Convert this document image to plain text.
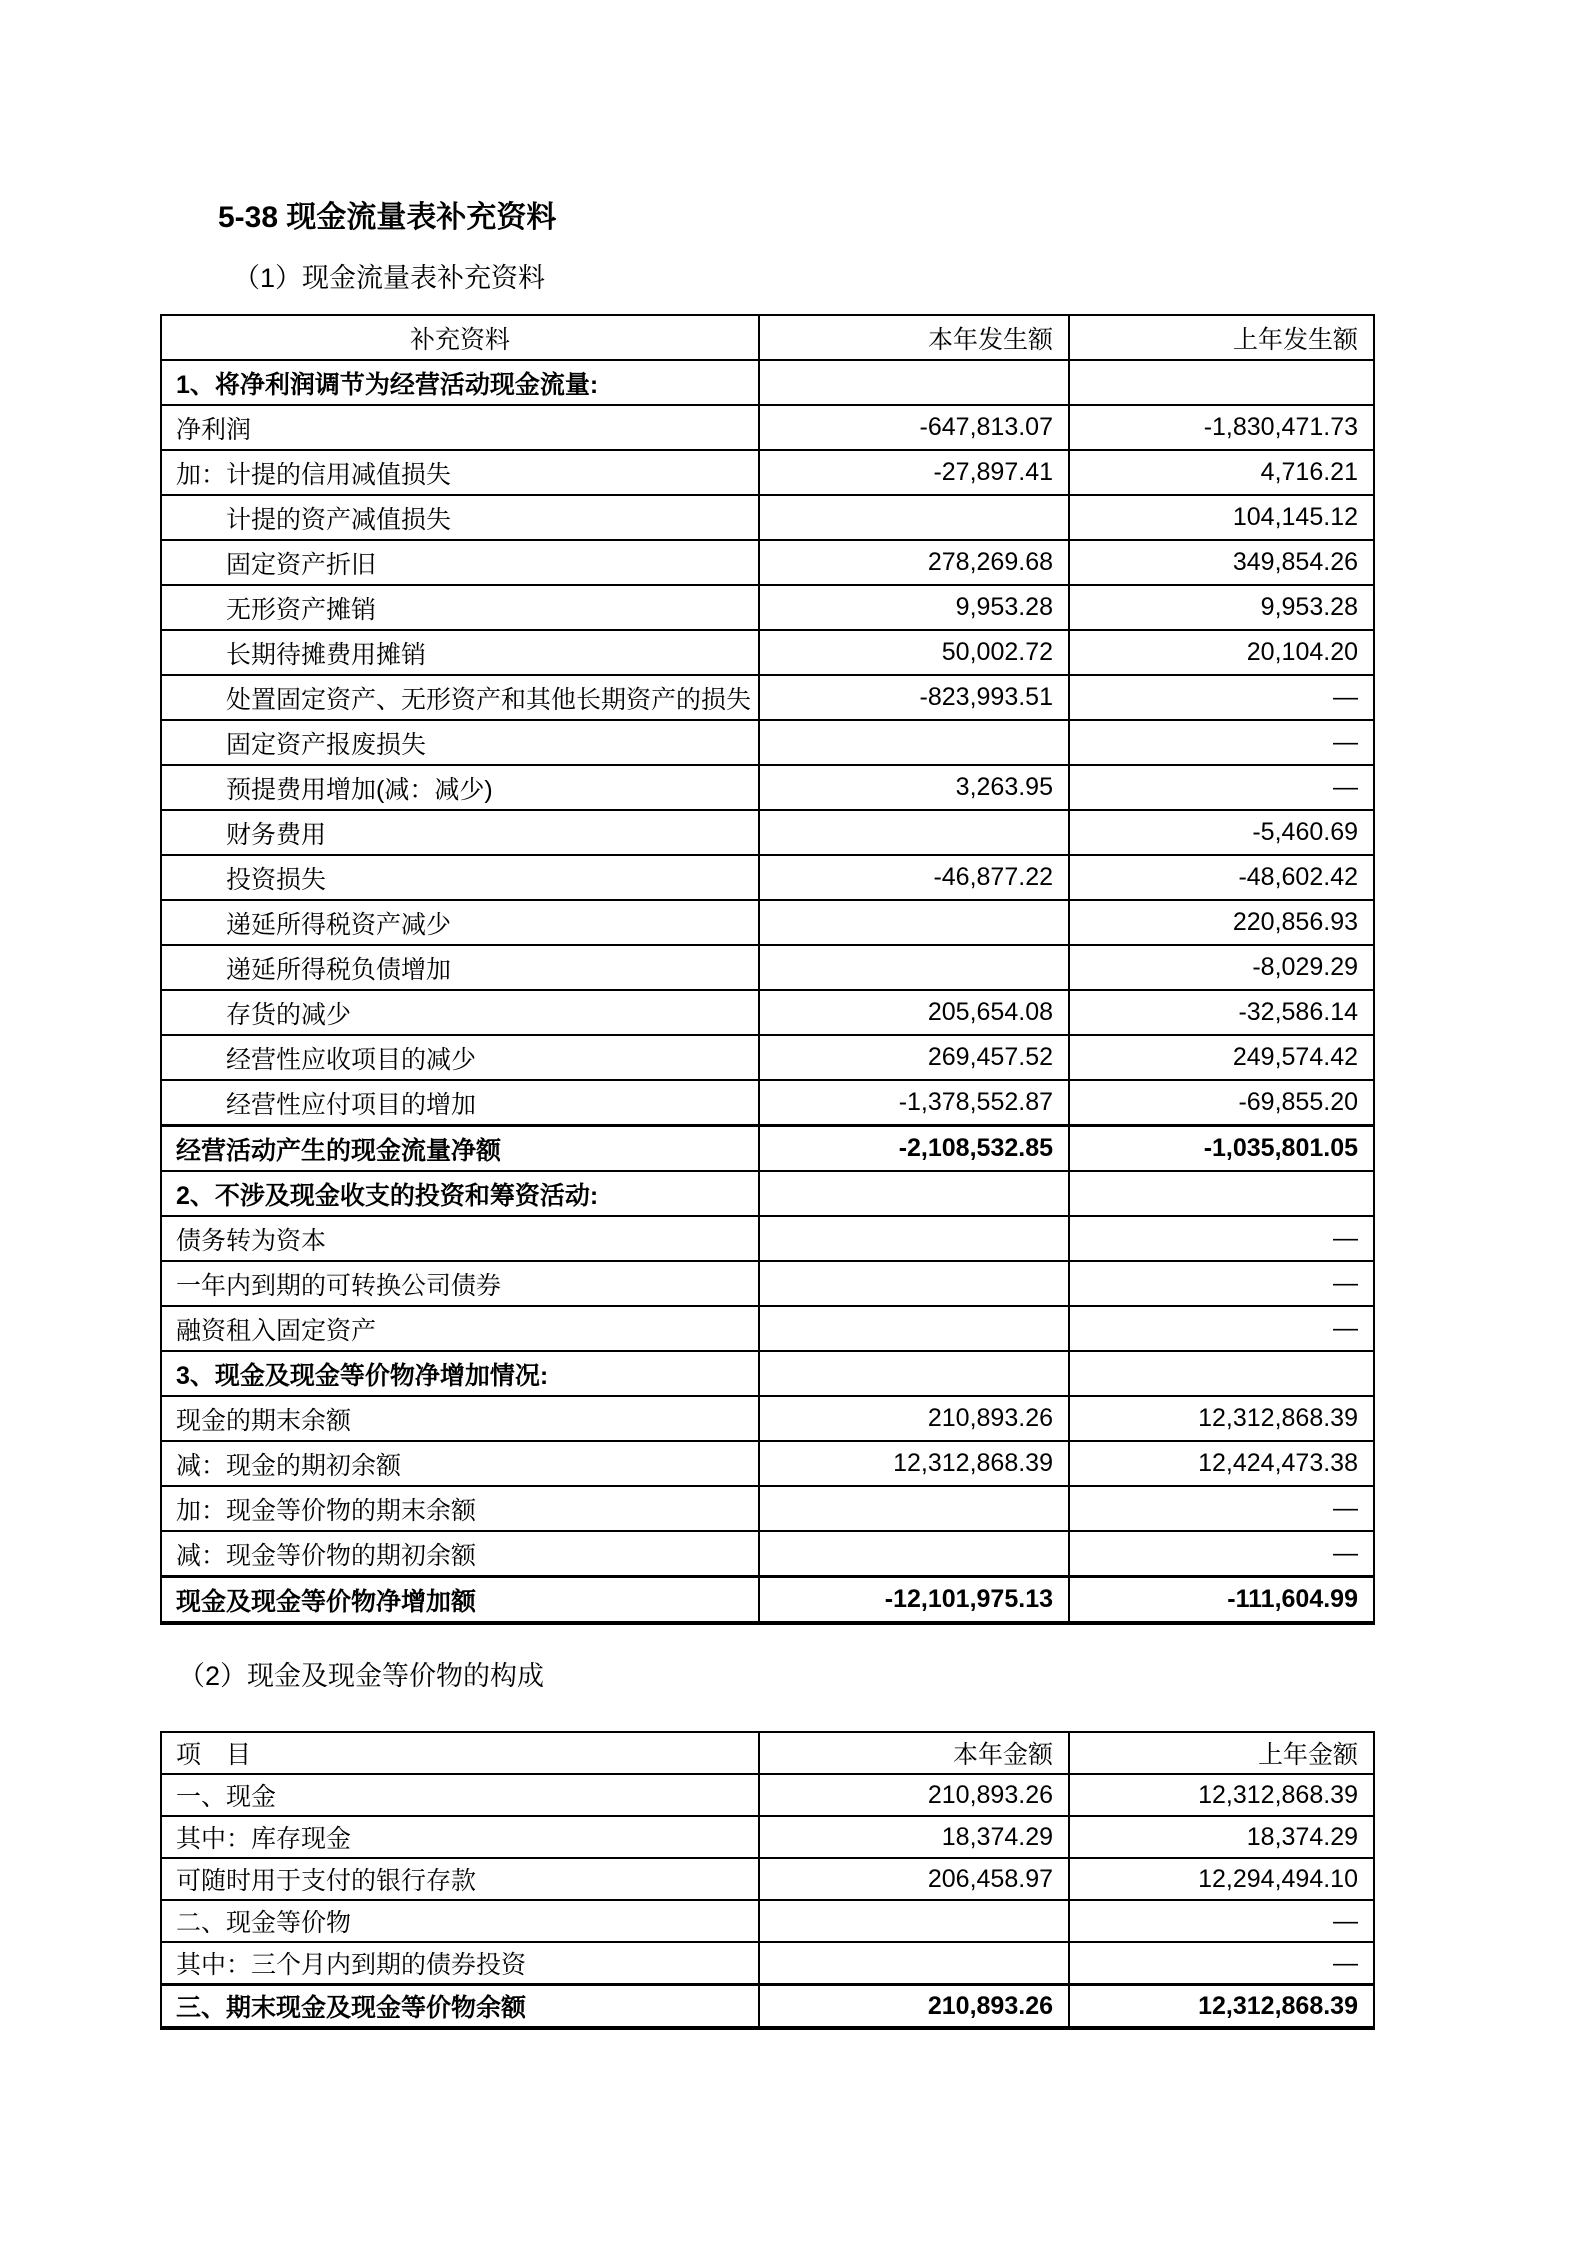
5-38 现金流量表补充资料
（1）现金流量表补充资料
补充资料	本年发生额	上年发生额
1、将净利润调节为经营活动现金流量:		
净利润	-647,813.07	-1,830,471.73
加：计提的信用减值损失	-27,897.41	4,716.21
计提的资产减值损失		104,145.12
固定资产折旧	278,269.68	349,854.26
无形资产摊销	9,953.28	9,953.28
长期待摊费用摊销	50,002.72	20,104.20
处置固定资产、无形资产和其他长期资产的损失	-823,993.51	—
固定资产报废损失		—
预提费用增加(减：减少)	3,263.95	—
财务费用		-5,460.69
投资损失	-46,877.22	-48,602.42
递延所得税资产减少		220,856.93
递延所得税负债增加		-8,029.29
存货的减少	205,654.08	-32,586.14
经营性应收项目的减少	269,457.52	249,574.42
经营性应付项目的增加	-1,378,552.87	-69,855.20
经营活动产生的现金流量净额	-2,108,532.85	-1,035,801.05
2、不涉及现金收支的投资和筹资活动:		
债务转为资本		—
一年内到期的可转换公司债券		—
融资租入固定资产		—
3、现金及现金等价物净增加情况:		
现金的期末余额	210,893.26	12,312,868.39
减：现金的期初余额	12,312,868.39	12,424,473.38
加：现金等价物的期末余额		—
减：现金等价物的期初余额		—
现金及现金等价物净增加额	-12,101,975.13	-111,604.99
（2）现金及现金等价物的构成
项　目	本年金额	上年金额
一、现金	210,893.26	12,312,868.39
其中：库存现金	18,374.29	18,374.29
可随时用于支付的银行存款	206,458.97	12,294,494.10
二、现金等价物		—
其中：三个月内到期的债券投资		—
三、期末现金及现金等价物余额	210,893.26	12,312,868.39
